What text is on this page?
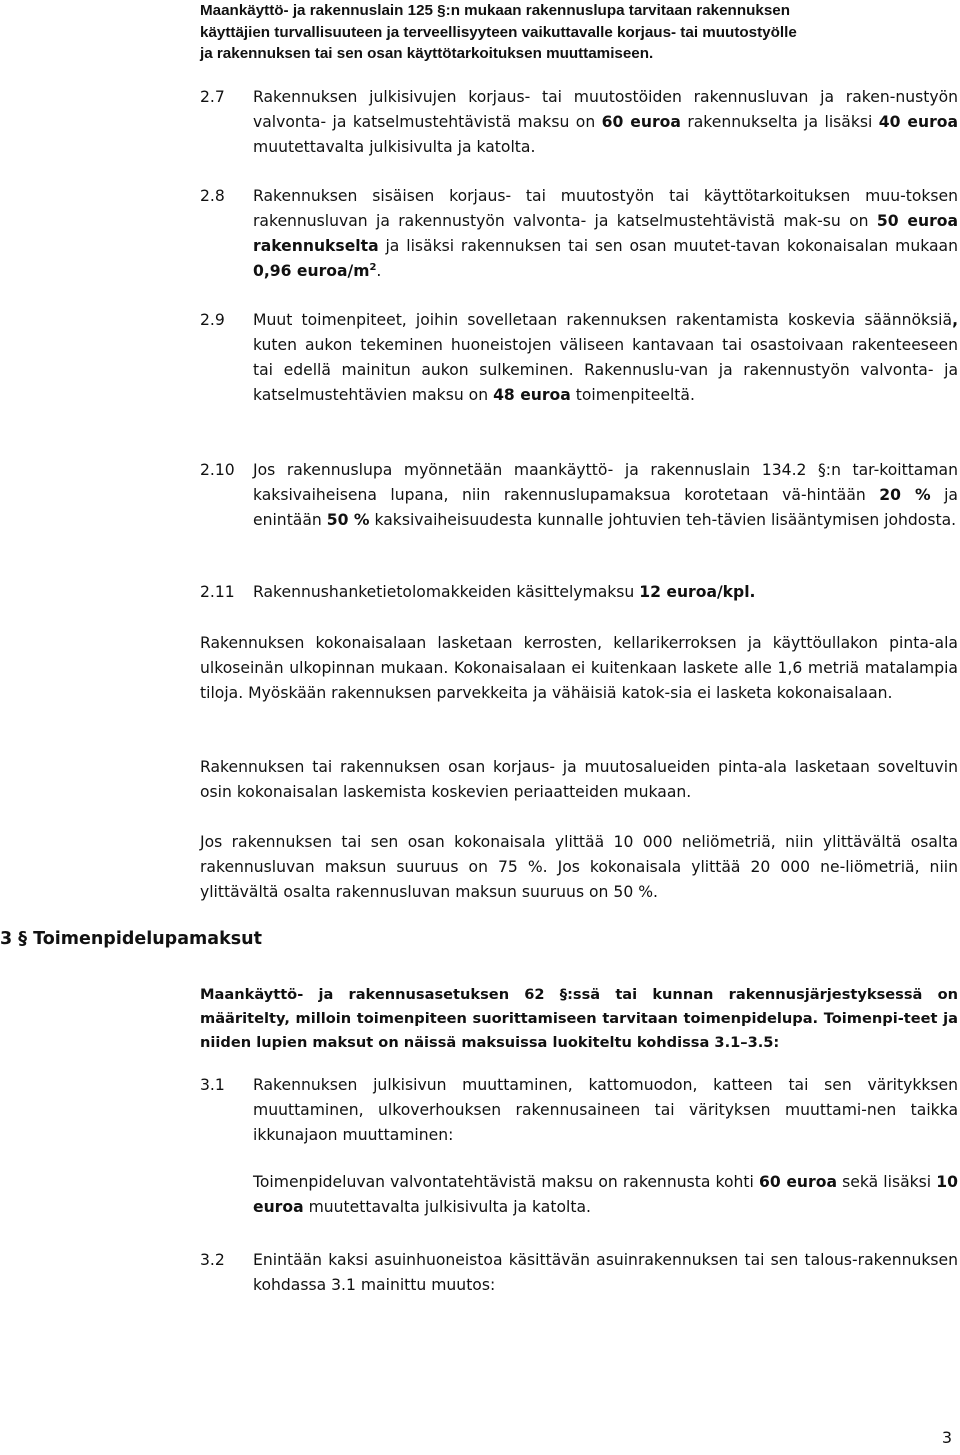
Maankäyttö- ja rakennuslain 125 §:n mukaan rakennuslupa tarvitaan rakennuksen
käyttäjien turvallisuuteen ja terveellisyyteen vaikuttavalle korjaus- tai muutostyölle
ja rakennuksen tai sen osan käyttötarkoituksen muuttamiseen.
2.7 Rakennuksen julkisivujen korjaus- tai muutostöiden rakennusluvan ja raken-nustyön valvonta- ja katselmustehtävistä maksu on 60 euroa rakennukselta ja lisäksi 40 euroa muutettavalta julkisivulta ja katolta.
2.8 Rakennuksen sisäisen korjaus- tai muutostyön tai käyttötarkoituksen muu-toksen rakennusluvan ja rakennustyön valvonta- ja katselmustehtävistä mak-su on 50 euroa rakennukselta ja lisäksi rakennuksen tai sen osan muutet-tavan kokonaisalan mukaan 0,96 euroa/$m^2$.
2.9 Muut toimenpiteet, joihin sovelletaan rakennuksen rakentamista koskevia säännöksiä, kuten aukon tekeminen huoneistojen väliseen kantavaan tai osastoivaan rakenteeseen tai edellä mainitun aukon sulkeminen. Rakennuslu-van ja rakennustyön valvonta- ja katselmustehtävien maksu on 48 euroa toimenpiteeltä.
2.10 Jos rakennuslupa myönnetään maankäyttö- ja rakennuslain 134.2 §:n tar-koittaman kaksivaiheisena lupana, niin rakennuslupamaksua korotetaan vä-hintään 20 % ja enintään 50 % kaksivaiheisuudesta kunnalle johtuvien teh-tävien lisääntymisen johdosta.
2.11 Rakennushanketietolomakkeiden käsittelymaksu 12 euroa/kpl.
Rakennuksen kokonaisalaan lasketaan kerrosten, kellarikerroksen ja käyttöullakon pinta-ala ulkoseinän ulkopinnan mukaan. Kokonaisalaan ei kuitenkaan laskete alle 1,6 metriä matalampia tiloja. Myöskään rakennuksen parvekkeita ja vähäisiä katok-sia ei lasketa kokonaisalaan.
Rakennuksen tai rakennuksen osan korjaus- ja muutosalueiden pinta-ala lasketaan soveltuvin osin kokonaisalan laskemista koskevien periaatteiden mukaan.
Jos rakennuksen tai sen osan kokonaisala ylittää 10 000 neliömetriä, niin ylittävältä osalta rakennusluvan maksun suuruus on 75 %. Jos kokonaisala ylittää 20 000 ne-liömetriä, niin ylittävältä osalta rakennusluvan maksun suuruus on 50 %.
3 § Toimenpidelupamaksut
Maankäyttö- ja rakennusasetuksen 62 §:ssä tai kunnan rakennusjärjestyksessä on määritelty, milloin toimenpiteen suorittamiseen tarvitaan toimenpidelupa. Toimenpi-teet ja niiden lupien maksut on näissä maksuissa luokiteltu kohdissa 3.1–3.5:
3.1 Rakennuksen julkisivun muuttaminen, kattomuodon, katteen tai sen väritykksen muuttaminen, ulkoverhouksen rakennusaineen tai värityksen muuttami-nen taikka ikkunajaon muuttaminen:
Toimenpideluvan valvontatehtävistä maksu on rakennusta kohti 60 euroa sekä lisäksi 10 euroa muutettavalta julkisivulta ja katolta.
3.2 Enintään kaksi asuinhuoneistoa käsittävän asuinrakennuksen tai sen talous-rakennuksen kohdassa 3.1 mainittu muutos:
3
